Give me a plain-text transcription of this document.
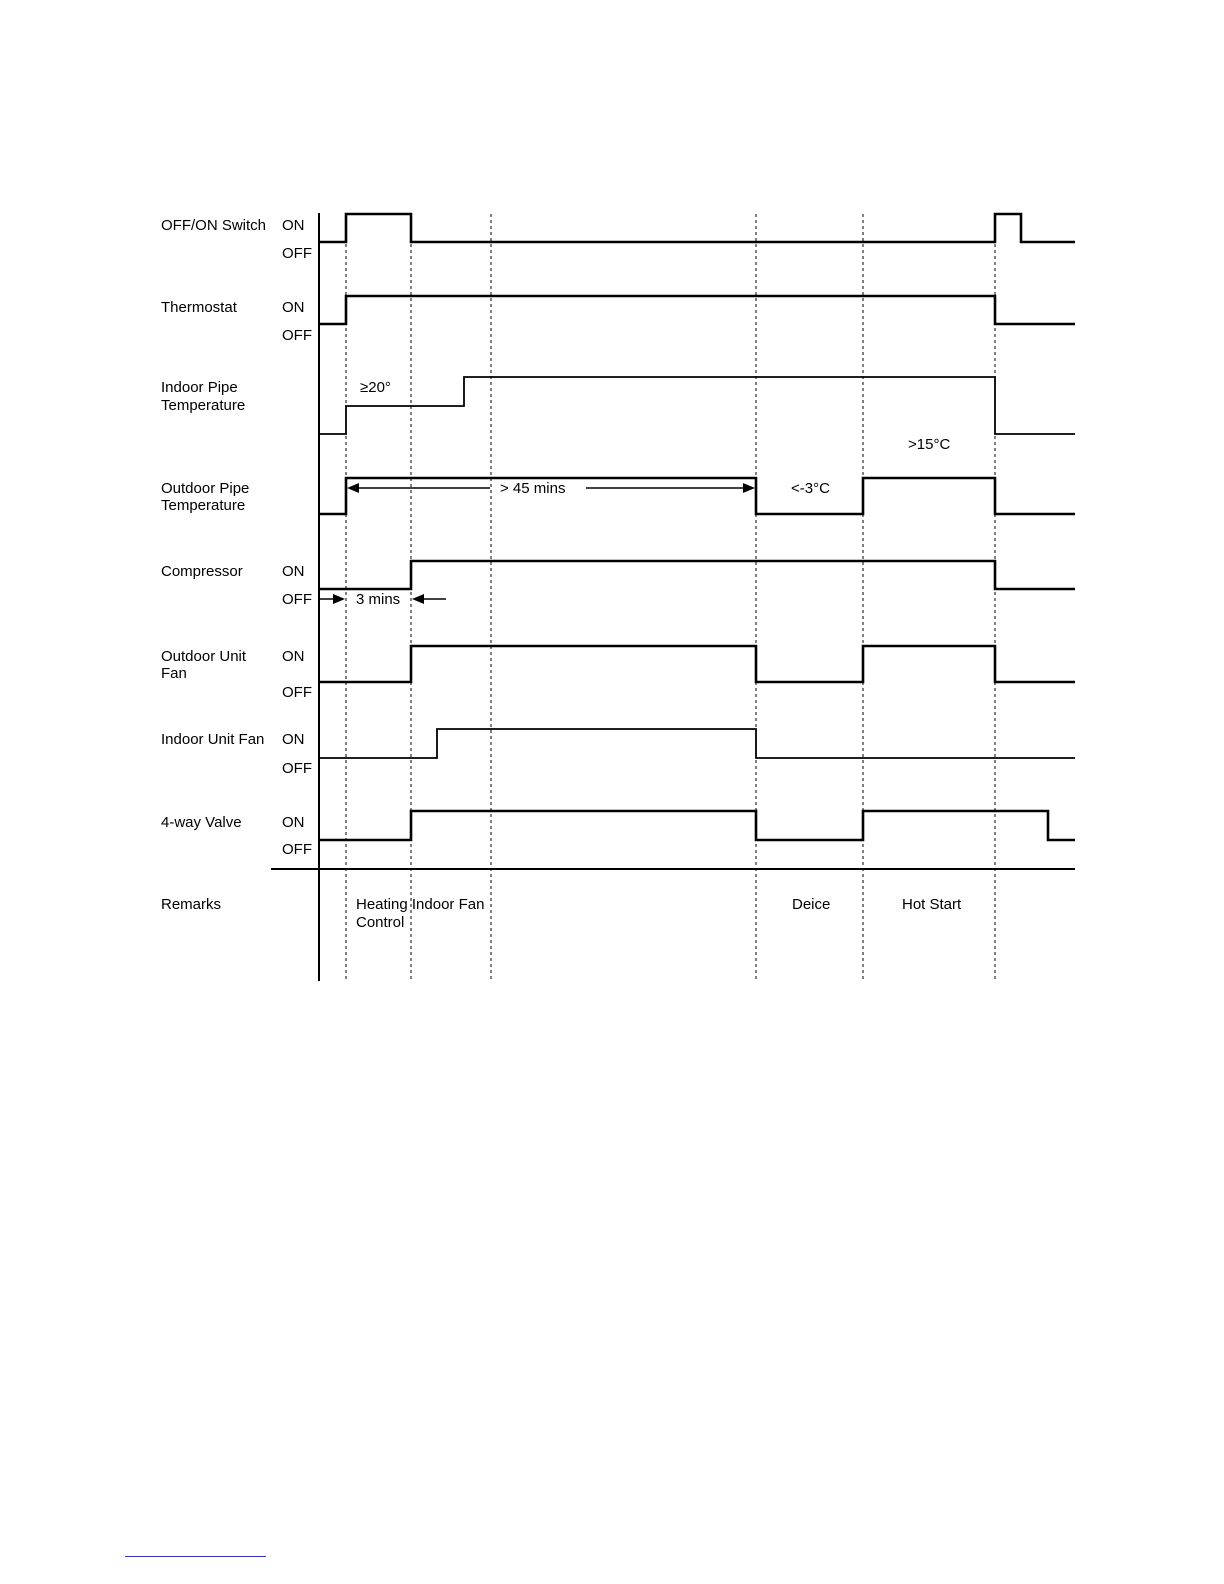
OFF/ON Switch
Thermostat
Indoor Pipe
Temperature
Outdoor Pipe
Temperature
Compressor
Outdoor Unit
Fan
Indoor Unit Fan
4-way Valve
ON
OFF
ON
OFF
ON
OFF
ON
OFF
ON
OFF
ON
OFF
≥20°
>15°C
> 45 mins	<-3°C
3 mins
Remarks	Heating Indoor Fan
Control
Deice	Hot Start
